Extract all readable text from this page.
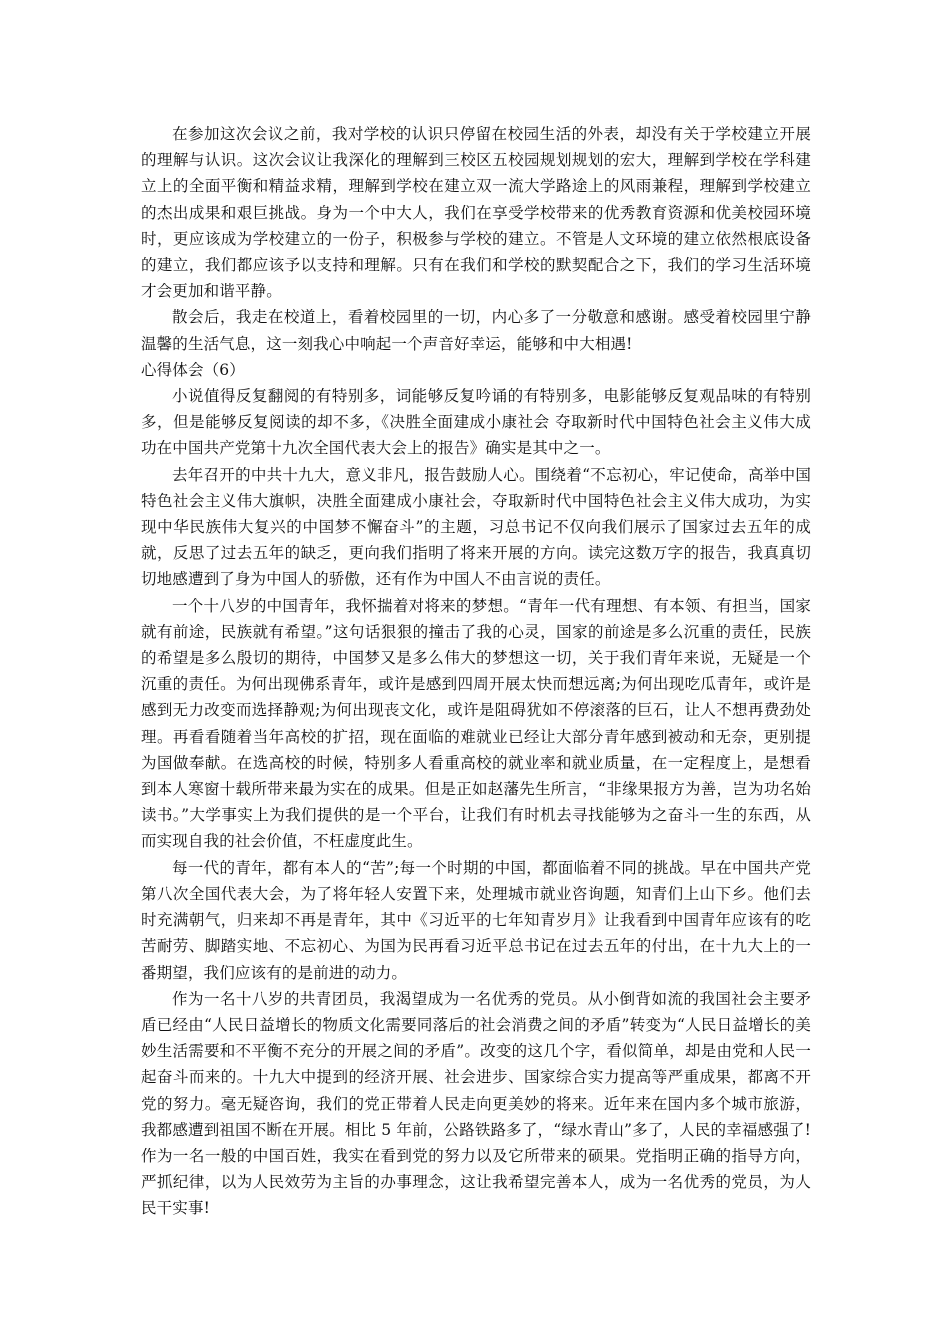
在参加这次会议之前，我对学校的认识只停留在校园生活的外表，却没有关于学校建立开展的理解与认识。这次会议让我深化的理解到三校区五校园规划规划的宏大，理解到学校在学科建立上的全面平衡和精益求精，理解到学校在建立双一流大学路途上的风雨兼程，理解到学校建立的杰出成果和艰巨挑战。身为一个中大人，我们在享受学校带来的优秀教育资源和优美校园环境时，更应该成为学校建立的一份子，积极参与学校的建立。不管是人文环境的建立依然根底设备的建立，我们都应该予以支持和理解。只有在我们和学校的默契配合之下，我们的学习生活环境才会更加和谐平静。

散会后，我走在校道上，看着校园里的一切，内心多了一分敬意和感谢。感受着校园里宁静温馨的生活气息，这一刻我心中响起一个声音好幸运，能够和中大相遇!

心得体会（6）

小说值得反复翻阅的有特别多，词能够反复吟诵的有特别多，电影能够反复观品味的有特别多，但是能够反复阅读的却不多，《决胜全面建成小康社会 夺取新时代中国特色社会主义伟大成功在中国共产党第十九次全国代表大会上的报告》确实是其中之一。

去年召开的中共十九大，意义非凡，报告鼓励人心。围绕着“不忘初心，牢记使命，高举中国特色社会主义伟大旗帜，决胜全面建成小康社会，夺取新时代中国特色社会主义伟大成功，为实现中华民族伟大复兴的中国梦不懈奋斗”的主题，习总书记不仅向我们展示了国家过去五年的成就，反思了过去五年的缺乏，更向我们指明了将来开展的方向。读完这数万字的报告，我真真切切地感遭到了身为中国人的骄傲，还有作为中国人不由言说的责任。

一个十八岁的中国青年，我怀揣着对将来的梦想。“青年一代有理想、有本领、有担当，国家就有前途，民族就有希望。”这句话狠狠的撞击了我的心灵，国家的前途是多么沉重的责任，民族的希望是多么殷切的期待，中国梦又是多么伟大的梦想这一切，关于我们青年来说，无疑是一个沉重的责任。为何出现佛系青年，或许是感到四周开展太快而想远离;为何出现吃瓜青年，或许是感到无力改变而选择静观;为何出现丧文化，或许是阻碍犹如不停滚落的巨石，让人不想再费劲处理。再看看随着当年高校的扩招，现在面临的难就业已经让大部分青年感到被动和无奈，更别提为国做奉献。在选高校的时候，特别多人看重高校的就业率和就业质量，在一定程度上，是想看到本人寒窗十载所带来最为实在的成果。但是正如赵藩先生所言，“非缘果报方为善，岂为功名始读书。”大学事实上为我们提供的是一个平台，让我们有时机去寻找能够为之奋斗一生的东西，从而实现自我的社会价值，不枉虚度此生。

每一代的青年，都有本人的“苦”;每一个时期的中国，都面临着不同的挑战。早在中国共产党第八次全国代表大会，为了将年轻人安置下来，处理城市就业咨询题，知青们上山下乡。他们去时充满朝气，归来却不再是青年，其中《习近平的七年知青岁月》让我看到中国青年应该有的吃苦耐劳、脚踏实地、不忘初心、为国为民再看习近平总书记在过去五年的付出，在十九大上的一番期望，我们应该有的是前进的动力。

作为一名十八岁的共青团员，我渴望成为一名优秀的党员。从小倒背如流的我国社会主要矛盾已经由“人民日益增长的物质文化需要同落后的社会消费之间的矛盾”转变为“人民日益增长的美妙生活需要和不平衡不充分的开展之间的矛盾”。改变的这几个字，看似简单，却是由党和人民一起奋斗而来的。十九大中提到的经济开展、社会进步、国家综合实力提高等严重成果，都离不开党的努力。毫无疑咨询，我们的党正带着人民走向更美妙的将来。近年来在国内多个城市旅游，我都感遭到祖国不断在开展。相比 5 年前，公路铁路多了，“绿水青山”多了，人民的幸福感强了!作为一名一般的中国百姓，我实在看到党的努力以及它所带来的硕果。党指明正确的指导方向，严抓纪律，以为人民效劳为主旨的办事理念，这让我希望完善本人，成为一名优秀的党员，为人民干实事!
